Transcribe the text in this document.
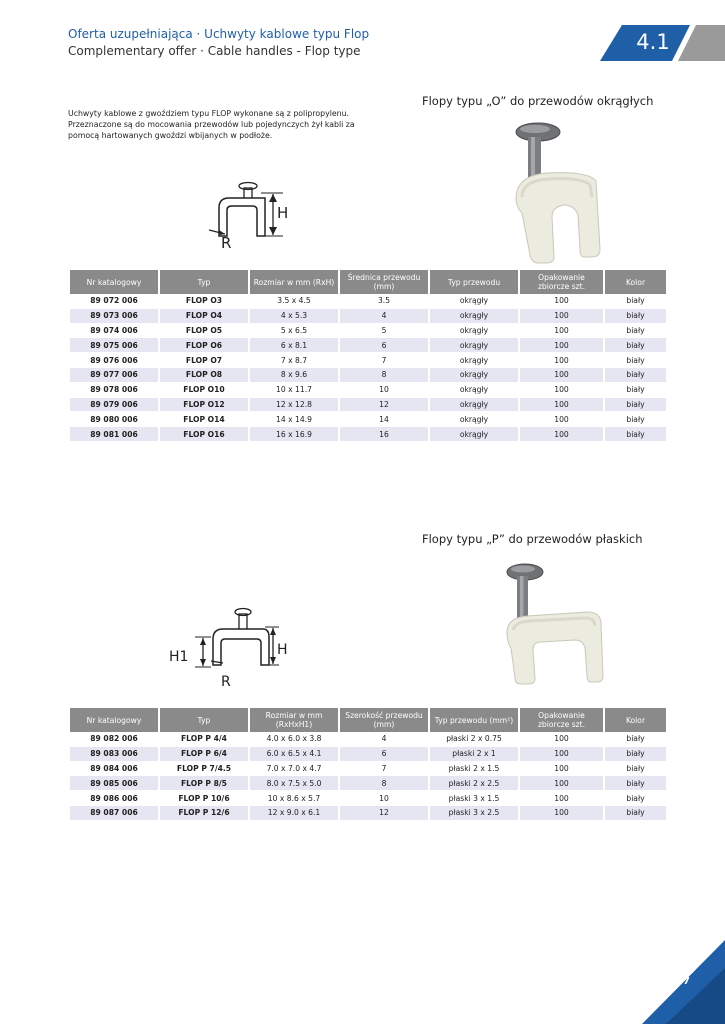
Oferta uzupełniająca · Uchwyty kablowe typu Flop
Complementary offer · Cable handles - Flop type	4.1
Uchwyty kablowe z gwoździem typu FLOP wykonane są z polipropylenu.
Przeznaczone są do mocowania przewodów lub pojedynczych żył kabli za
pomocą hartowanych gwoździ wbijanych w podłoże.
Flopy typu „O” do przewodów okrągłych
H
R
Nr katalogowy	Typ	Rozmiar w mm (RxH)	Średnica przewodu (mm)	Typ przewodu	Opakowanie zbiorcze szt.	Kolor
89 072 006	FLOP O3	3.5 x 4.5	3.5	okrągły	100	biały
89 073 006	FLOP O4	4 x 5.3	4	okrągły	100	biały
89 074 006	FLOP O5	5 x 6.5	5	okrągły	100	biały
89 075 006	FLOP O6	6 x 8.1	6	okrągły	100	biały
89 076 006	FLOP O7	7 x 8.7	7	okrągły	100	biały
89 077 006	FLOP O8	8 x 9.6	8	okrągły	100	biały
89 078 006	FLOP O10	10 x 11.7	10	okrągły	100	biały
89 079 006	FLOP O12	12 x 12.8	12	okrągły	100	biały
89 080 006	FLOP O14	14 x 14.9	14	okrągły	100	biały
89 081 006	FLOP O16	16 x 16.9	16	okrągły	100	biały
Flopy typu „P” do przewodów płaskich
H1	H
R
Nr katalogowy	Typ	Rozmiar w mm (RxHxH1)	Szerokość przewodu (mm)	Typ przewodu (mm²)	Opakowanie zbiorcze szt.	Kolor
89 082 006	FLOP P 4/4	4.0 x 6.0 x 3.8	4	płaski 2 x 0.75	100	biały
89 083 006	FLOP P 6/4	6.0 x 6.5 x 4.1	6	płaski 2 x 1	100	biały
89 084 006	FLOP P 7/4.5	7.0 x 7.0 x 4.7	7	płaski 2 x 1.5	100	biały
89 085 006	FLOP P 8/5	8.0 x 7.5 x 5.0	8	płaski 2 x 2.5	100	biały
89 086 006	FLOP P 10/6	10 x 8.6 x 5.7	10	płaski 3 x 1.5	100	biały
89 087 006	FLOP P 12/6	12 x 9.0 x 6.1	12	płaski 3 x 2.5	100	biały
77
